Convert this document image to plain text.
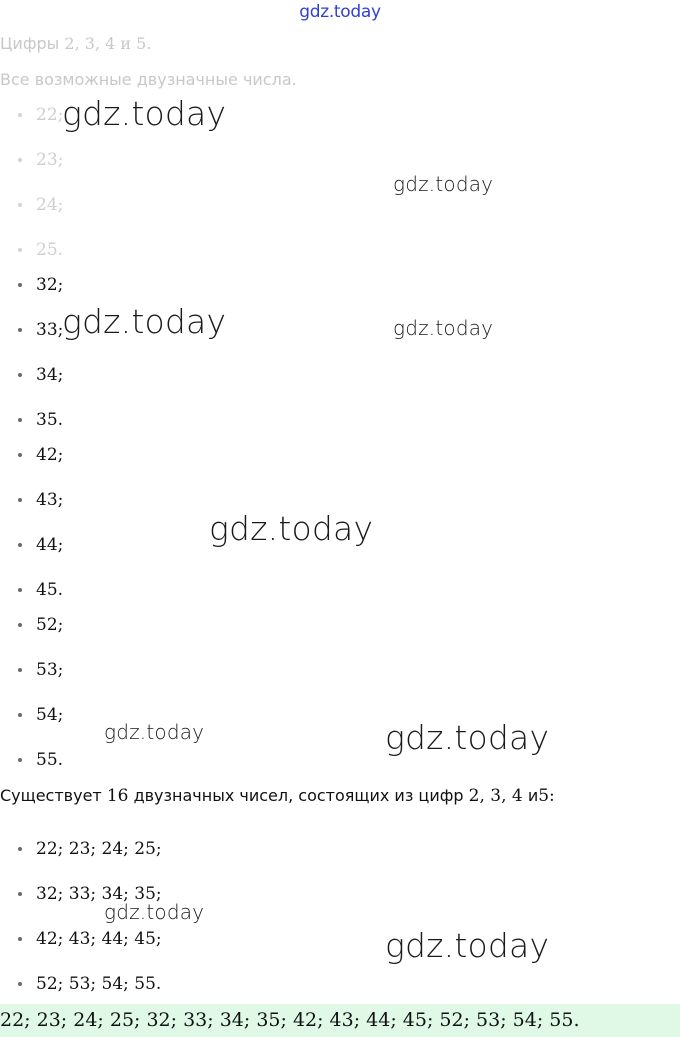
gdz.today
Цифры 2, 3, 4 и 5.
Все возможные двузначные числа.
22;
23;
24;
25.
32;
33;
34;
35.
42;
43;
44;
45.
52;
53;
54;
55.
Существует 16 двузначных чисел, состоящих из цифр 2, 3, 4 и5:
22; 23; 24; 25;
32; 33; 34; 35;
42; 43; 44; 45;
52; 53; 54; 55.
22; 23; 24; 25; 32; 33; 34; 35; 42; 43; 44; 45; 52; 53; 54; 55.
gdz.today
gdz.today
gdz.today	gdz.today
gdz.today
gdz.today	gdz.today
gdz.today
gdz.today
